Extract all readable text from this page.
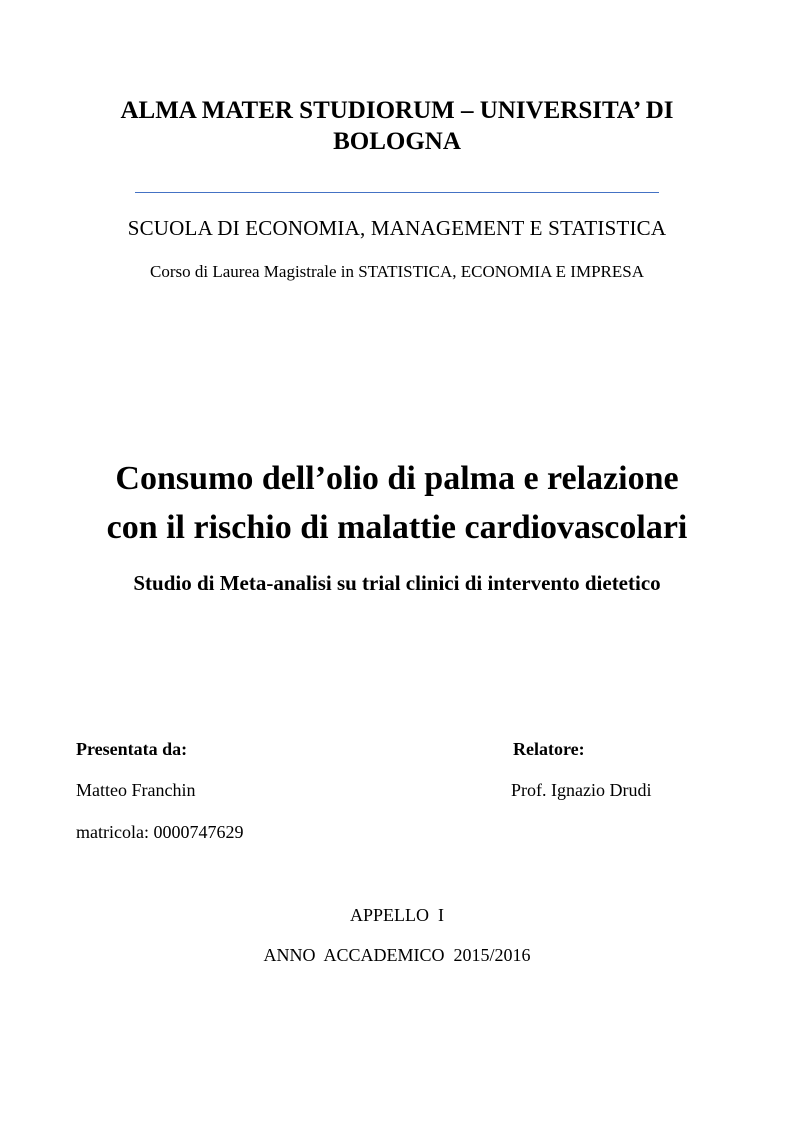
ALMA MATER STUDIORUM – UNIVERSITA’ DI
BOLOGNA
SCUOLA DI ECONOMIA, MANAGEMENT E STATISTICA
Corso di Laurea Magistrale in STATISTICA, ECONOMIA E IMPRESA
Consumo dell’olio di palma e relazione
con il rischio di malattie cardiovascolari
Studio di Meta-analisi su trial clinici di intervento dietetico
Presentata da:
Matteo Franchin
matricola: 0000747629
Relatore:
Prof. Ignazio Drudi
APPELLO  I
ANNO  ACCADEMICO  2015/2016
